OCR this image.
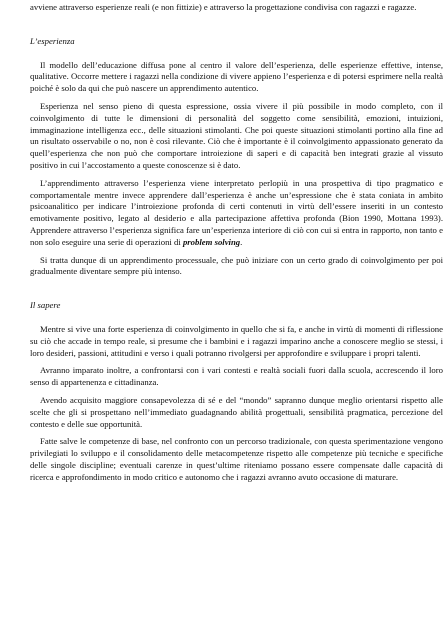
avviene attraverso esperienze reali (e non fittizie) e attraverso la progettazione condivisa con ragazzi e ragazze.

L’esperienza

Il modello dell’educazione diffusa pone al centro il valore dell’esperienza, delle esperienze effettive, intense, qualitative. Occorre mettere i ragazzi nella condizione di vivere appieno l’esperienza e di potersi esprimere nella realtà poiché è solo da qui che può nascere un apprendimento autentico.

Esperienza nel senso pieno di questa espressione, ossia vivere il più possibile in modo completo, con il coinvolgimento di tutte le dimensioni di personalità del soggetto come sensibilità, emozioni, intuizioni, immaginazione intelligenza ecc., delle situazioni stimolanti. Che poi queste situazioni stimolanti portino alla fine ad un risultato osservabile o no, non è così rilevante. Ciò che è importante è il coinvolgimento appassionato generato da quell’esperienza che non può che comportare introiezione di saperi e di capacità ben integrati grazie al vissuto positivo in cui l’accostamento a queste conoscenze si è dato.

L’apprendimento attraverso l’esperienza viene interpretato perlopiù in una prospettiva di tipo pragmatico e comportamentale mentre invece apprendere dall’esperienza è anche un’espressione che è stata coniata in ambito psicoanalitico per indicare l’introiezione profonda di certi contenuti in virtù dell’essere inseriti in un contesto emotivamente positivo, legato al desiderio e alla partecipazione affettiva profonda (Bion 1990, Mottana 1993). Apprendere attraverso l’esperienza significa fare un’esperienza interiore di ciò con cui si entra in rapporto, non tanto e non solo eseguire una serie di operazioni di problem solving.

Si tratta dunque di un apprendimento processuale, che può iniziare con un certo grado di coinvolgimento per poi gradualmente diventare sempre più intenso.

Il sapere

Mentre si vive una forte esperienza di coinvolgimento in quello che si fa, e anche in virtù di momenti di riflessione su ciò che accade in tempo reale, si presume che i bambini e i ragazzi imparino anche a conoscere meglio se stessi, i loro desideri, passioni, attitudini e verso i quali potranno rivolgersi per approfondire e sviluppare i propri talenti.

Avranno imparato inoltre, a confrontarsi con i vari contesti e realtà sociali fuori dalla scuola, accrescendo il loro senso di appartenenza e cittadinanza.

Avendo acquisito maggiore consapevolezza di sé e del “mondo” sapranno dunque meglio orientarsi rispetto alle scelte che gli si prospettano nell’immediato guadagnando abilità progettuali, sensibilità pragmatica, percezione del contesto e delle sue opportunità.

Fatte salve le competenze di base, nel confronto con un percorso tradizionale, con questa sperimentazione vengono privilegiati lo sviluppo e il consolidamento delle metacompetenze rispetto alle competenze più tecniche e specifiche delle singole discipline; eventuali carenze in quest’ultime riteniamo possano essere compensate dalle capacità di ricerca e approfondimento in modo critico e autonomo che i ragazzi avranno avuto occasione di maturare.
